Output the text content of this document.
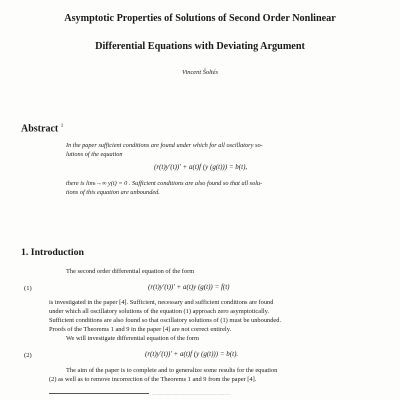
Asymptotic Properties of Solutions of Second Order Nonlinear
Differential Equations with Deviating Argument
Vincent Šoltés
Abstract $^1$
In the paper sufficient conditions are found under which for all oscillatory so-
lutions of the equation
(r(t)y′(t))′ + a(t)f (y (g(t))) = b(t),
there is limₜ→∞ y(t) = 0 . Sufficient conditions are also found so that all solu-
tions of this equation are unbounded.
1. Introduction
The second order differential equation of the form
(1)	(r(t)y′(t))′ + a(t)y (g(t)) = f(t)
is investigated in the paper [4]. Sufficient, necessary and sufficient conditions are found
under which all oscillatory solutions of the equation (1) approach zero asymptotically.
Sufficient conditions are also found so that oscillatory solutions of (1) must be unbounded.
Proofs of the Theorems 1 and 9 in the paper [4] are not correct entirely.
We will investigate differential equation of the form
(2)	(r(t)y′(t))′ + a(t)f (y (g(t))) = b(t).
The aim of the paper is to complete and to generalize some results for the equation
(2) as well as to remove incorrection of the Theorems 1 and 9 from the paper [4].
....................................................................
